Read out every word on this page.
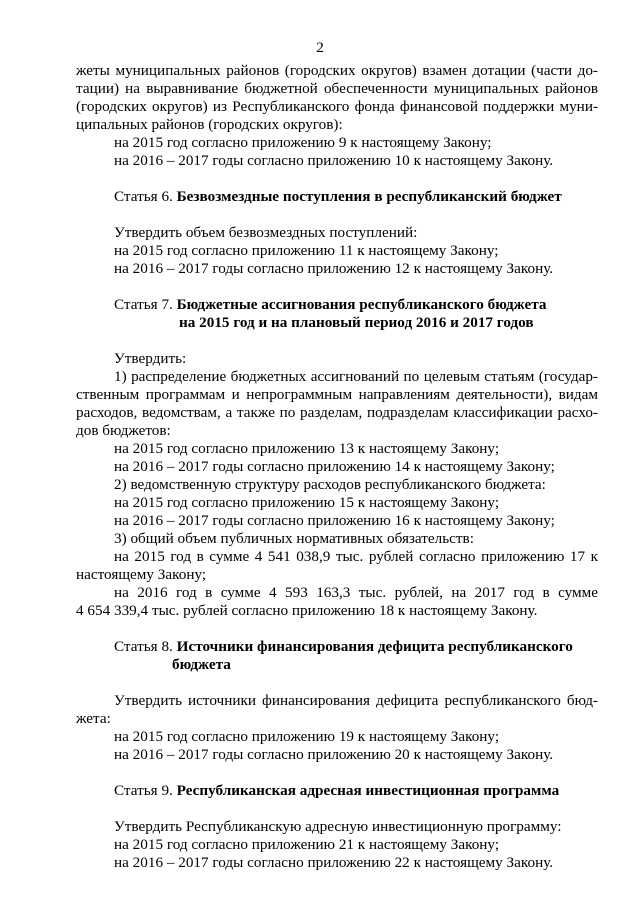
2

жеты муниципальных районов (городских округов) взамен дотации (части до-

тации) на выравнивание бюджетной обеспеченности муниципальных районов

(городских округов) из Республиканского фонда финансовой поддержки муни-

ципальных районов (городских округов):

на 2015 год согласно приложению 9 к настоящему Закону;

на 2016 – 2017 годы согласно приложению 10 к настоящему Закону.

Статья 6. Безвозмездные поступления в республиканский бюджет

Утвердить объем безвозмездных поступлений:

на 2015 год согласно приложению 11 к настоящему Закону;

на 2016 – 2017 годы согласно приложению 12 к настоящему Закону.

Статья 7. Бюджетные ассигнования республиканского бюджета

на 2015 год и на плановый период 2016 и 2017 годов

Утвердить:

1) распределение бюджетных ассигнований по целевым статьям (государ-

ственным программам и непрограммным направлениям деятельности), видам

расходов, ведомствам, а также по разделам, подразделам классификации расхо-

дов бюджетов:

на 2015 год согласно приложению 13 к настоящему Закону;

на 2016 – 2017 годы согласно приложению 14 к настоящему Закону;

2) ведомственную структуру расходов республиканского бюджета:

на 2015 год согласно приложению 15 к настоящему Закону;

на 2016 – 2017 годы согласно приложению 16 к настоящему Закону;

3) общий объем публичных нормативных обязательств:

на 2015 год в сумме 4 541 038,9 тыс. рублей согласно приложению 17 к

настоящему Закону;

на 2016 год в сумме 4 593 163,3 тыс. рублей, на 2017 год в сумме

4 654 339,4 тыс. рублей согласно приложению 18 к настоящему Закону.

Статья 8. Источники финансирования дефицита республиканского

бюджета

Утвердить источники финансирования дефицита республиканского бюд-

жета:

на 2015 год согласно приложению 19 к настоящему Закону;

на 2016 – 2017 годы согласно приложению 20 к настоящему Закону.

Статья 9. Республиканская адресная инвестиционная программа

Утвердить Республиканскую адресную инвестиционную программу:

на 2015 год согласно приложению 21 к настоящему Закону;

на 2016 – 2017 годы согласно приложению 22 к настоящему Закону.
